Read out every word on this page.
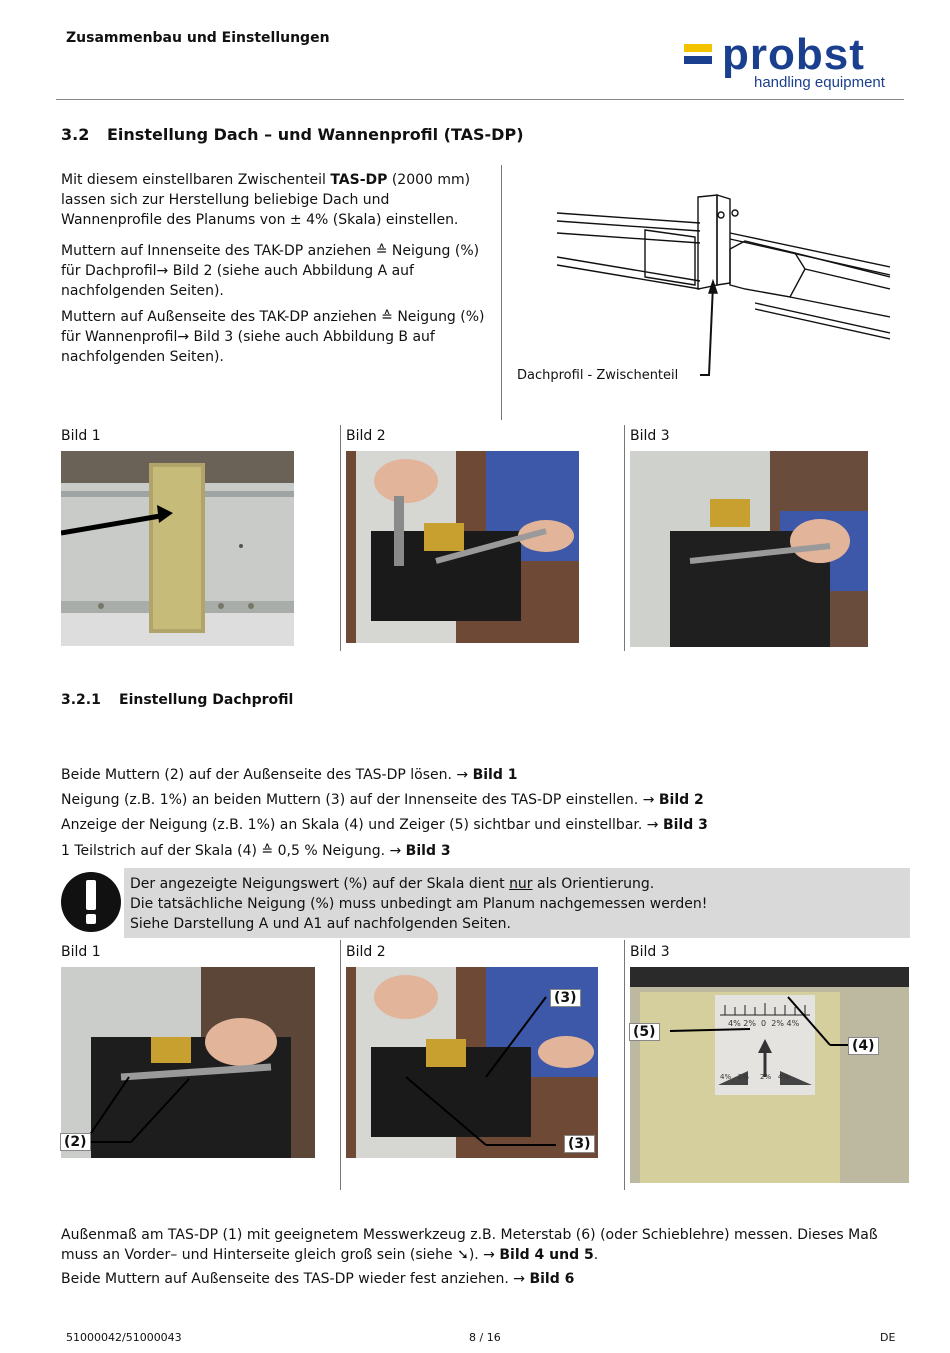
Zusammenbau und Einstellungen	probst
handling equipment
3.2 Einstellung Dach – und Wannenprofil (TAS-DP)
Mit diesem einstellbaren Zwischenteil TAS-DP (2000 mm) lassen sich zur Herstellung beliebige Dach und Wannenprofile des Planums von ± 4% (Skala) einstellen.
Muttern auf Innenseite des TAK-DP anziehen ≙ Neigung (%) für Dachprofil→ Bild 2 (siehe auch Abbildung A auf nachfolgenden Seiten).
Muttern auf Außenseite des TAK-DP anziehen ≙ Neigung (%) für Wannenprofil→ Bild 3 (siehe auch Abbildung B auf nachfolgenden Seiten).
Dachprofil - Zwischenteil
Bild 1	Bild 2	Bild 3
3.2.1 Einstellung Dachprofil
Beide Muttern (2) auf der Außenseite des TAS-DP lösen. → Bild 1
Neigung (z.B. 1%) an beiden Muttern (3) auf der Innenseite des TAS-DP einstellen. → Bild 2
Anzeige der Neigung (z.B. 1%) an Skala (4) und Zeiger (5) sichtbar und einstellbar. → Bild 3
1 Teilstrich auf der Skala (4) ≙ 0,5 % Neigung. → Bild 3
Der angezeigte Neigungswert (%) auf der Skala dient nur als Orientierung.
Die tatsächliche Neigung (%) muss unbedingt am Planum nachgemessen werden!
Siehe Darstellung A und A1 auf nachfolgenden Seiten.
Bild 1	Bild 2	Bild 3
(2)
(3)
(3)
4% 2% 0 2% 4%
4% 2% 2% 4%
(5)
(4)
Außenmaß am TAS-DP (1) mit geeignetem Messwerkzeug z.B. Meterstab (6) (oder Schieblehre) messen. Dieses Maß muss an Vorder– und Hinterseite gleich groß sein (siehe ➘). → Bild 4 und 5.
Beide Muttern auf Außenseite des TAS-DP wieder fest anziehen. → Bild 6
51000042/51000043	8 / 16	DE
